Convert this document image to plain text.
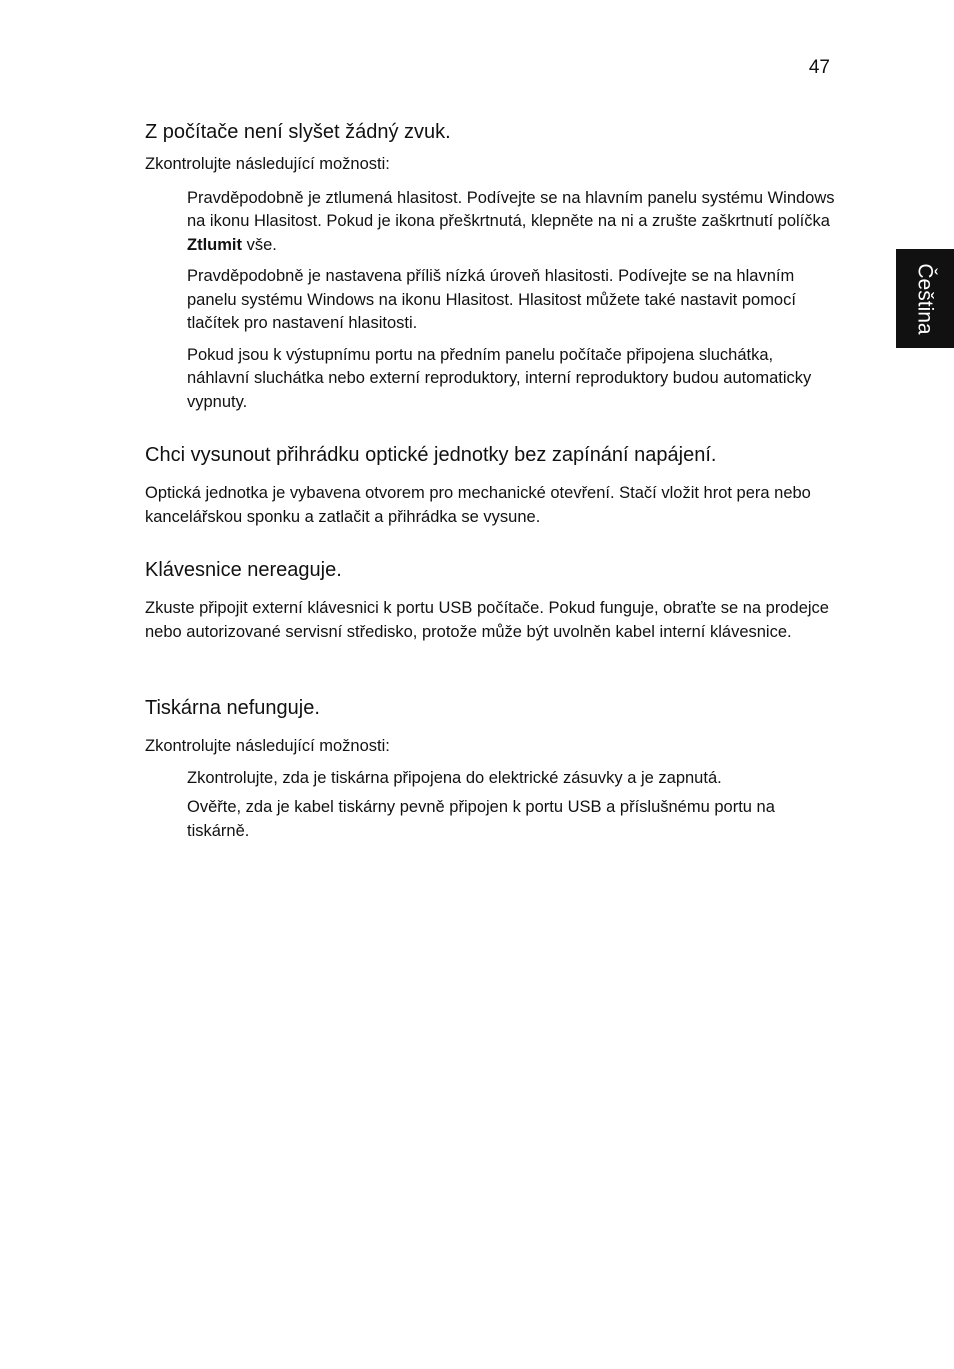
47
Čeština
Z počítače není slyšet žádný zvuk.

Zkontrolujte následující možnosti:

Pravděpodobně je ztlumená hlasitost. Podívejte se na hlavním panelu systému Windows na ikonu Hlasitost. Pokud je ikona přeškrtnutá, klepněte na ni a zrušte zaškrtnutí políčka Ztlumit vše.

Pravděpodobně je nastavena příliš nízká úroveň hlasitosti. Podívejte se na hlavním panelu systému Windows na ikonu Hlasitost. Hlasitost můžete také nastavit pomocí tlačítek pro nastavení hlasitosti.

Pokud jsou k výstupnímu portu na předním panelu počítače připojena sluchátka, náhlavní sluchátka nebo externí reproduktory, interní reproduktory budou automaticky vypnuty.

Chci vysunout přihrádku optické jednotky bez zapínání napájení.

Optická jednotka je vybavena otvorem pro mechanické otevření. Stačí vložit hrot pera nebo kancelářskou sponku a zatlačit a přihrádka se vysune.

Klávesnice nereaguje.

Zkuste připojit externí klávesnici k portu USB počítače. Pokud funguje, obraťte se na prodejce nebo autorizované servisní středisko, protože může být uvolněn kabel interní klávesnice.

Tiskárna nefunguje.

Zkontrolujte následující možnosti:

Zkontrolujte, zda je tiskárna připojena do elektrické zásuvky a je zapnutá.

Ověřte, zda je kabel tiskárny pevně připojen k portu USB a příslušnému portu na tiskárně.
